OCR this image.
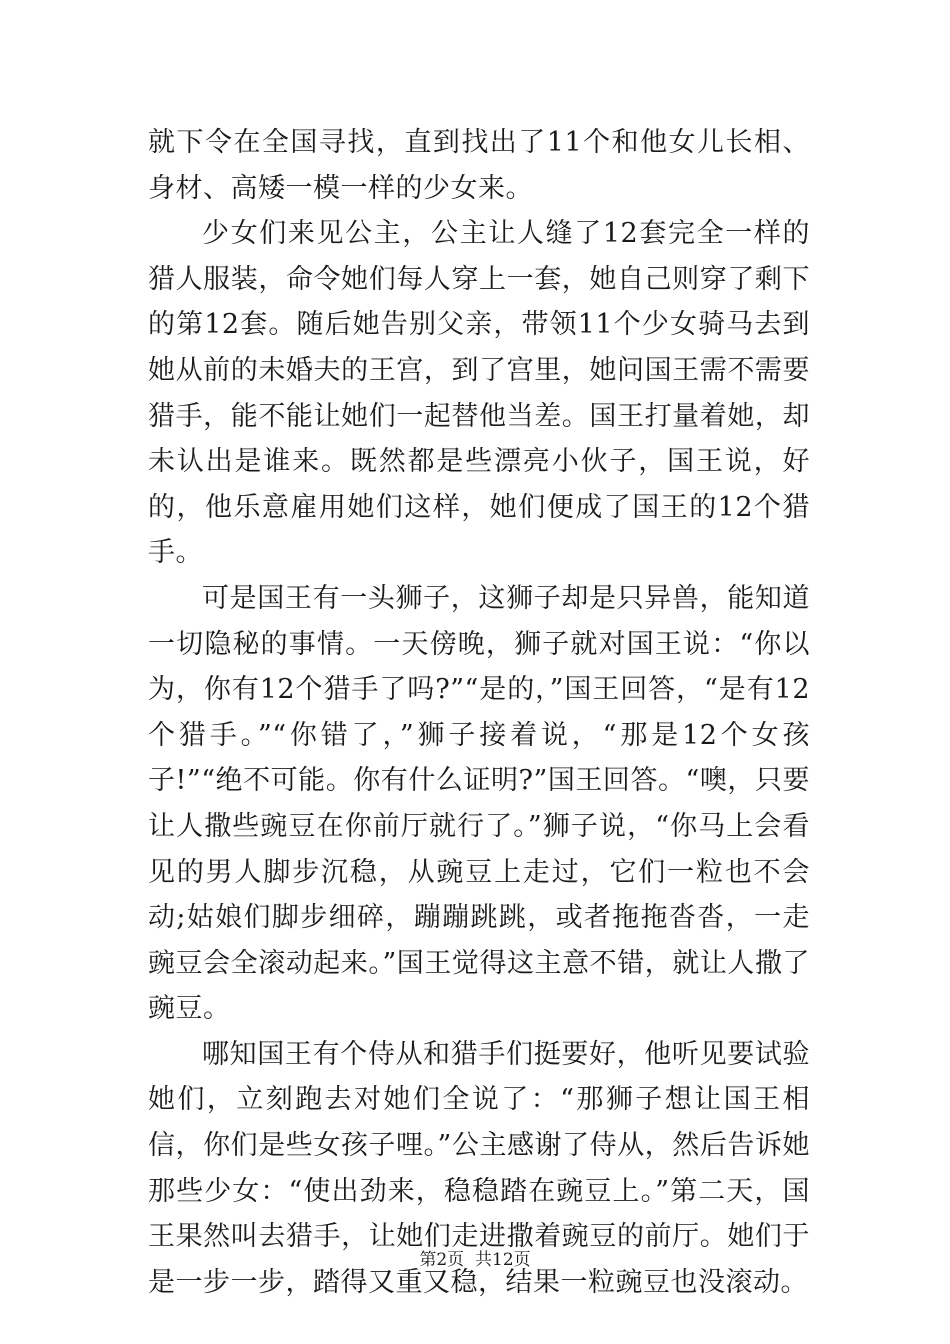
就下令在全国寻找，直到找出了11个和他女儿长相、身材、高矮一模一样的少女来。

少女们来见公主，公主让人缝了12套完全一样的猎人服装，命令她们每人穿上一套，她自己则穿了剩下的第12套。随后她告别父亲，带领11个少女骑马去到她从前的未婚夫的王宫，到了宫里，她问国王需不需要猎手，能不能让她们一起替他当差。国王打量着她，却未认出是谁来。既然都是些漂亮小伙子，国王说，好的，他乐意雇用她们这样，她们便成了国王的12个猎手。

可是国王有一头狮子，这狮子却是只异兽，能知道一切隐秘的事情。一天傍晚，狮子就对国王说：“你以为，你有12个猎手了吗?”“是的，”国王回答，“是有12个猎手。”“你错了，”狮子接着说，“那是12个女孩子!”“绝不可能。你有什么证明?”国王回答。“噢，只要让人撒些豌豆在你前厅就行了。”狮子说，“你马上会看见的男人脚步沉稳，从豌豆上走过，它们一粒也不会动;姑娘们脚步细碎，蹦蹦跳跳，或者拖拖沓沓，一走豌豆会全滚动起来。”国王觉得这主意不错，就让人撒了豌豆。

哪知国王有个侍从和猎手们挺要好，他听见要试验她们，立刻跑去对她们全说了：“那狮子想让国王相信，你们是些女孩子哩。”公主感谢了侍从，然后告诉她那些少女：“使出劲来，稳稳踏在豌豆上。”第二天，国王果然叫去猎手，让她们走进撒着豌豆的前厅。她们于是一步一步，踏得又重又稳，结果一粒豌豆也没滚动。

第2页 共12页
